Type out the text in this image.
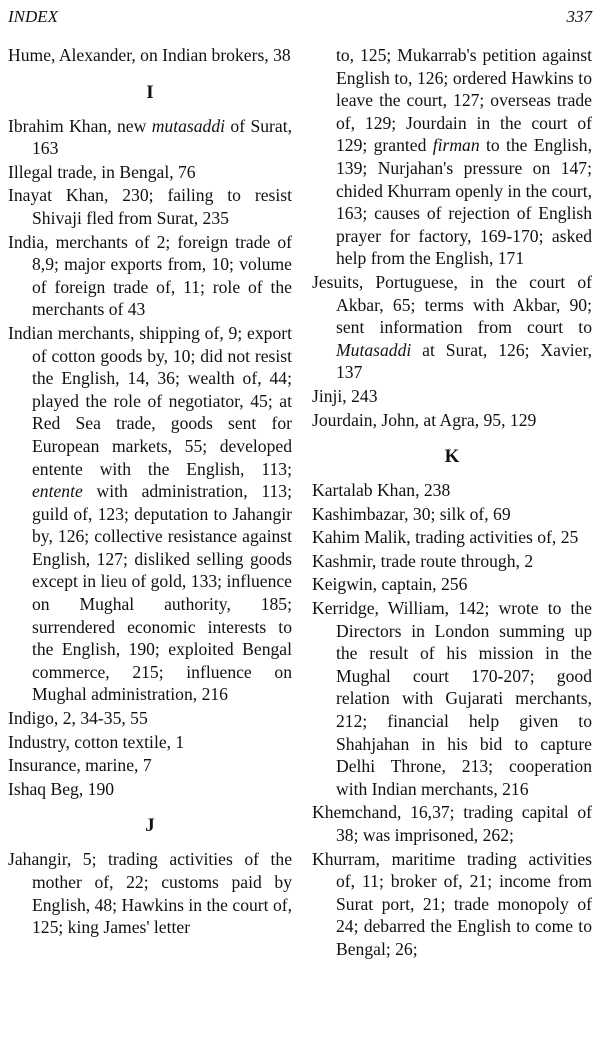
INDEX	337

Hume, Alexander, on Indian brokers, 38

I

Ibrahim Khan, new mutasaddi of Surat, 163

Illegal trade, in Bengal, 76

Inayat Khan, 230; failing to resist Shivaji fled from Surat, 235

India, merchants of 2; foreign trade of 8,9; major exports from, 10; volume of foreign trade of, 11; role of the merchants of 43

Indian merchants, shipping of, 9; export of cotton goods by, 10; did not resist the English, 14, 36; wealth of, 44; played the role of negotiator, 45; at Red Sea trade, goods sent for European markets, 55; developed entente with the English, 113; entente with administration, 113; guild of, 123; deputation to Jahangir by, 126; collective resistance against English, 127; disliked selling goods except in lieu of gold, 133; influence on Mughal authority, 185; surrendered economic interests to the English, 190; exploited Bengal commerce, 215; influence on Mughal administration, 216

Indigo, 2, 34-35, 55

Industry, cotton textile, 1

Insurance, marine, 7

Ishaq Beg, 190

J

Jahangir, 5; trading activities of the mother of, 22; customs paid by English, 48; Hawkins in the court of, 125; king James' letter

to, 125; Mukarrab's petition against English to, 126; ordered Hawkins to leave the court, 127; overseas trade of, 129; Jourdain in the court of 129; granted firman to the English, 139; Nurjahan's pressure on 147; chided Khurram openly in the court, 163; causes of rejection of English prayer for factory, 169-170; asked help from the English, 171

Jesuits, Portuguese, in the court of Akbar, 65; terms with Akbar, 90; sent information from court to Mutasaddi at Surat, 126; Xavier, 137

Jinji, 243

Jourdain, John, at Agra, 95, 129

K

Kartalab Khan, 238

Kashimbazar, 30; silk of, 69

Kahim Malik, trading activities of, 25

Kashmir, trade route through, 2

Keigwin, captain, 256

Kerridge, William, 142; wrote to the Directors in London summing up the result of his mission in the Mughal court 170-207; good relation with Gujarati merchants, 212; financial help given to Shahjahan in his bid to capture Delhi Throne, 213; cooperation with Indian merchants, 216

Khemchand, 16,37; trading capital of 38; was imprisoned, 262;

Khurram, maritime trading activities of, 11; broker of, 21; income from Surat port, 21; trade monopoly of 24; debarred the English to come to Bengal; 26;
